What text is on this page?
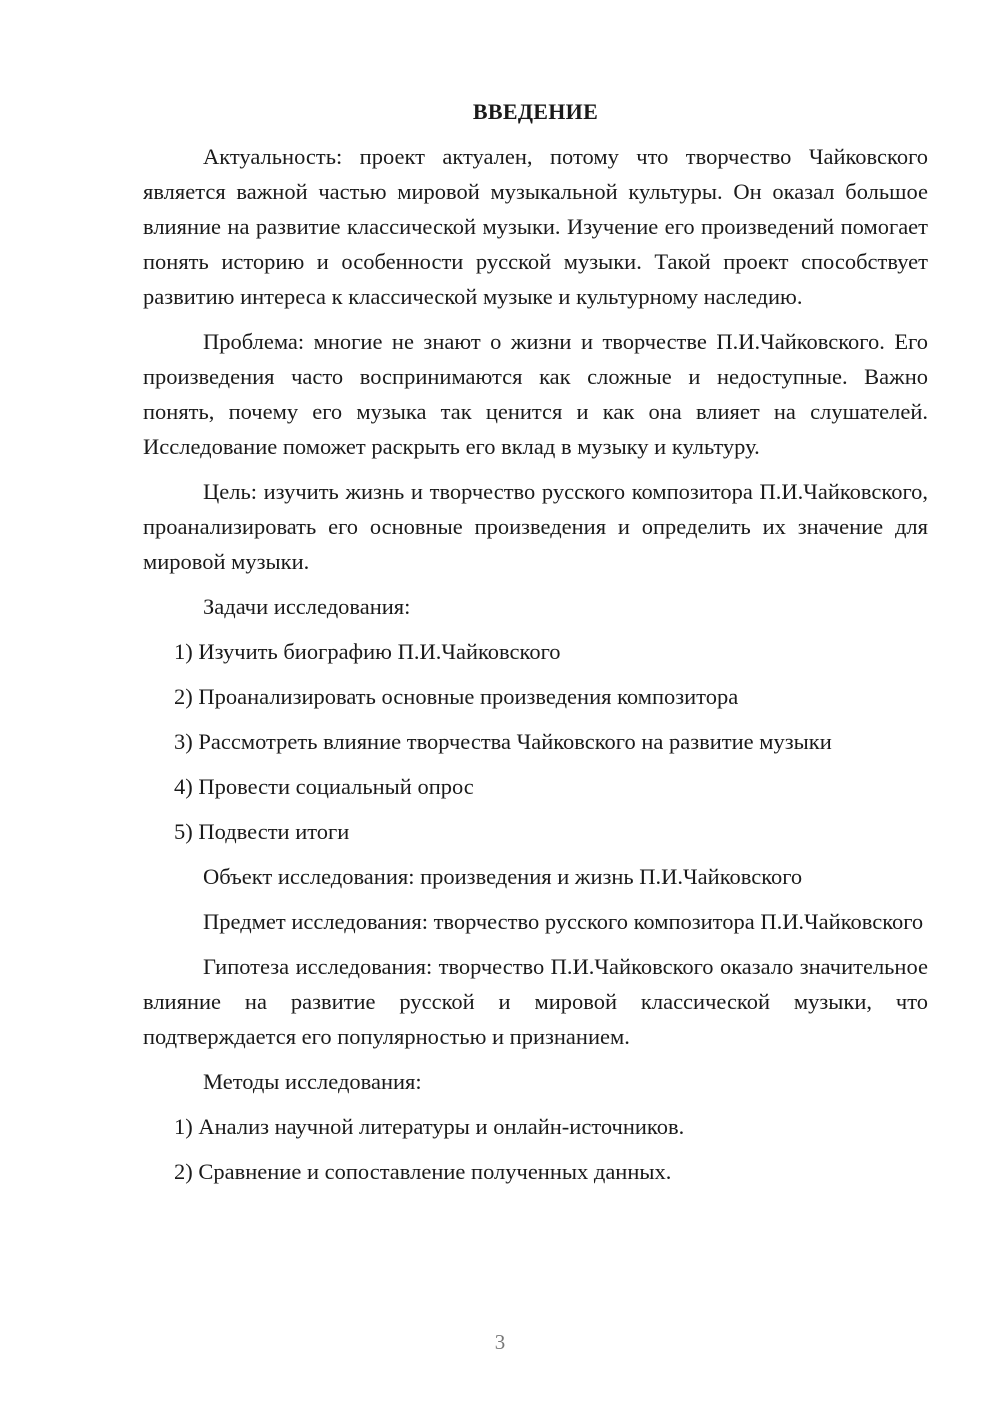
ВВЕДЕНИЕ

Актуальность: проект актуален, потому что творчество Чайковского является важной частью мировой музыкальной культуры. Он оказал большое влияние на развитие классической музыки. Изучение его произведений помогает понять историю и особенности русской музыки. Такой проект способствует развитию интереса к классической музыке и культурному наследию.

Проблема: многие не знают о жизни и творчестве П.И.Чайковского. Его произведения часто воспринимаются как сложные и недоступные. Важно понять, почему его музыка так ценится и как она влияет на слушателей. Исследование поможет раскрыть его вклад в музыку и культуру.

Цель: изучить жизнь и творчество русского композитора П.И.Чайковского, проанализировать его основные произведения и определить их значение для мировой музыки.

Задачи исследования:

1) Изучить биографию П.И.Чайковского
2) Проанализировать основные произведения композитора
3) Рассмотреть влияние творчества Чайковского на развитие музыки
4) Провести социальный опрос
5) Подвести итоги

Объект исследования: произведения и жизнь П.И.Чайковского

Предмет исследования: творчество русского композитора П.И.Чайковского

Гипотеза исследования: творчество П.И.Чайковского оказало значительное влияние на развитие русской и мировой классической музыки, что подтверждается его популярностью и признанием.

Методы исследования:

1) Анализ научной литературы и онлайн-источников.
2) Сравнение и сопоставление полученных данных.
3
